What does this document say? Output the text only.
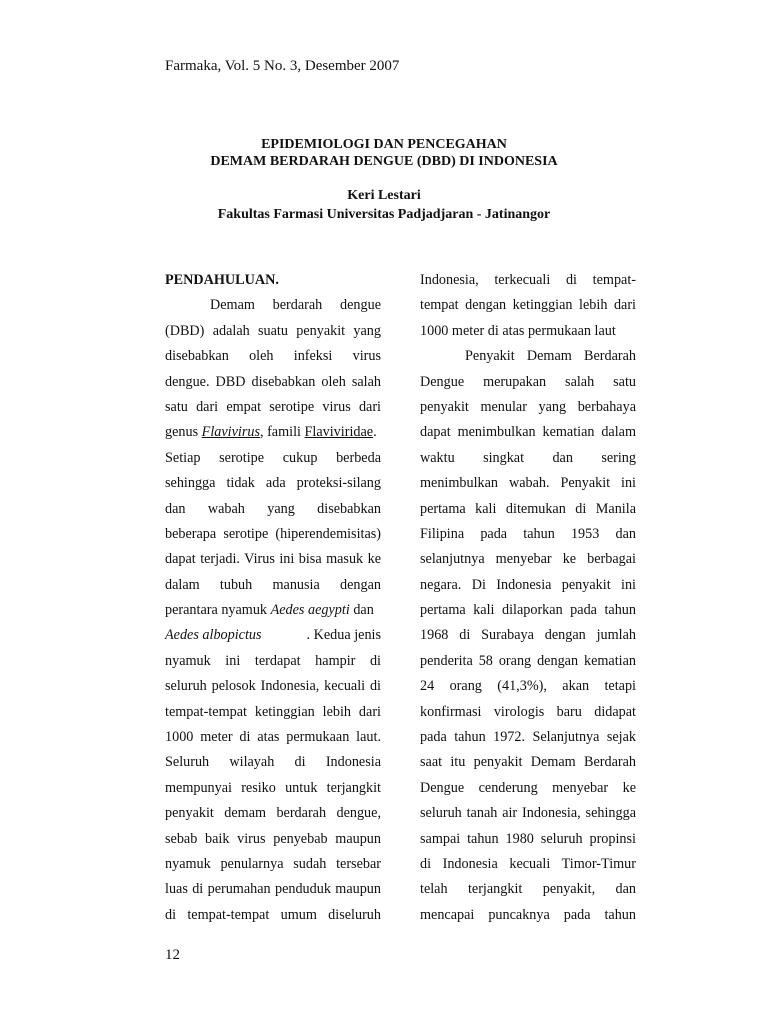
Farmaka, Vol. 5 No. 3, Desember 2007
EPIDEMIOLOGI DAN PENCEGAHAN
DEMAM BERDARAH DENGUE (DBD) DI INDONESIA
Keri Lestari
Fakultas Farmasi Universitas Padjadjaran - Jatinangor
PENDAHULUAN.
Demam berdarah dengue
(DBD) adalah suatu penyakit yang
disebabkan oleh infeksi virus
dengue. DBD disebabkan oleh salah
satu dari empat serotipe virus dari
genus Flavivirus, famili Flaviviridae.
Setiap serotipe cukup berbeda
sehingga tidak ada proteksi-silang
dan wabah yang disebabkan
beberapa serotipe (hiperendemisitas)
dapat terjadi. Virus ini bisa masuk ke
dalam tubuh manusia dengan
perantara nyamuk Aedes aegypti dan
Aedes albopictus	. Kedua jenis
nyamuk ini terdapat hampir di
seluruh pelosok Indonesia, kecuali di
tempat-tempat ketinggian lebih dari
1000 meter di atas permukaan laut.
Seluruh wilayah di Indonesia
mempunyai resiko untuk terjangkit
penyakit demam berdarah dengue,
sebab baik virus penyebab maupun
nyamuk penularnya sudah tersebar
luas di perumahan penduduk maupun
di tempat-tempat umum diseluruh
Indonesia, terkecuali di tempat-
tempat dengan ketinggian lebih dari
1000 meter di atas permukaan laut
Penyakit Demam Berdarah
Dengue merupakan salah satu
penyakit menular yang berbahaya
dapat menimbulkan kematian dalam
waktu singkat dan sering
menimbulkan wabah. Penyakit ini
pertama kali ditemukan di Manila
Filipina pada tahun 1953 dan
selanjutnya menyebar ke berbagai
negara. Di Indonesia penyakit ini
pertama kali dilaporkan pada tahun
1968 di Surabaya dengan jumlah
penderita 58 orang dengan kematian
24 orang (41,3%), akan tetapi
konfirmasi virologis baru didapat
pada tahun 1972. Selanjutnya sejak
saat itu penyakit Demam Berdarah
Dengue cenderung menyebar ke
seluruh tanah air Indonesia, sehingga
sampai tahun 1980 seluruh propinsi
di Indonesia kecuali Timor-Timur
telah terjangkit penyakit, dan
mencapai puncaknya pada tahun
12
